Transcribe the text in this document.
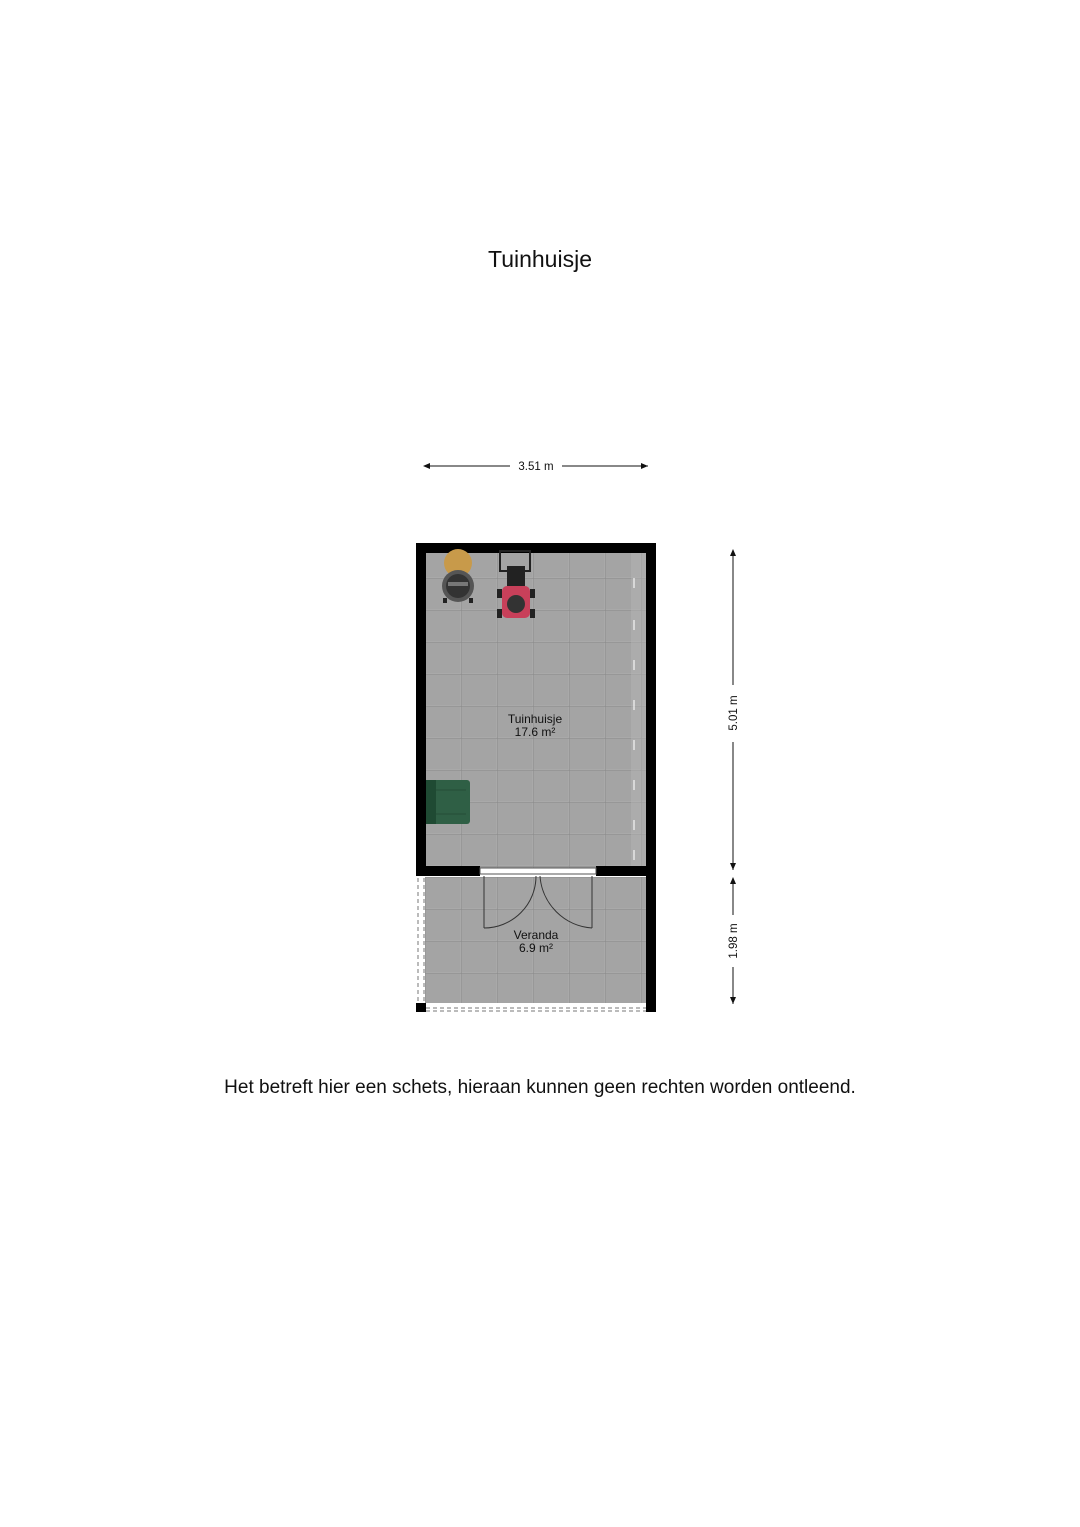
Tuinhuisje
3.51 m
Tuinhuisje
17.6 m²
Veranda
6.9 m²
5.01 m
1.98 m
Het betreft hier een schets, hieraan kunnen geen rechten worden ontleend.
